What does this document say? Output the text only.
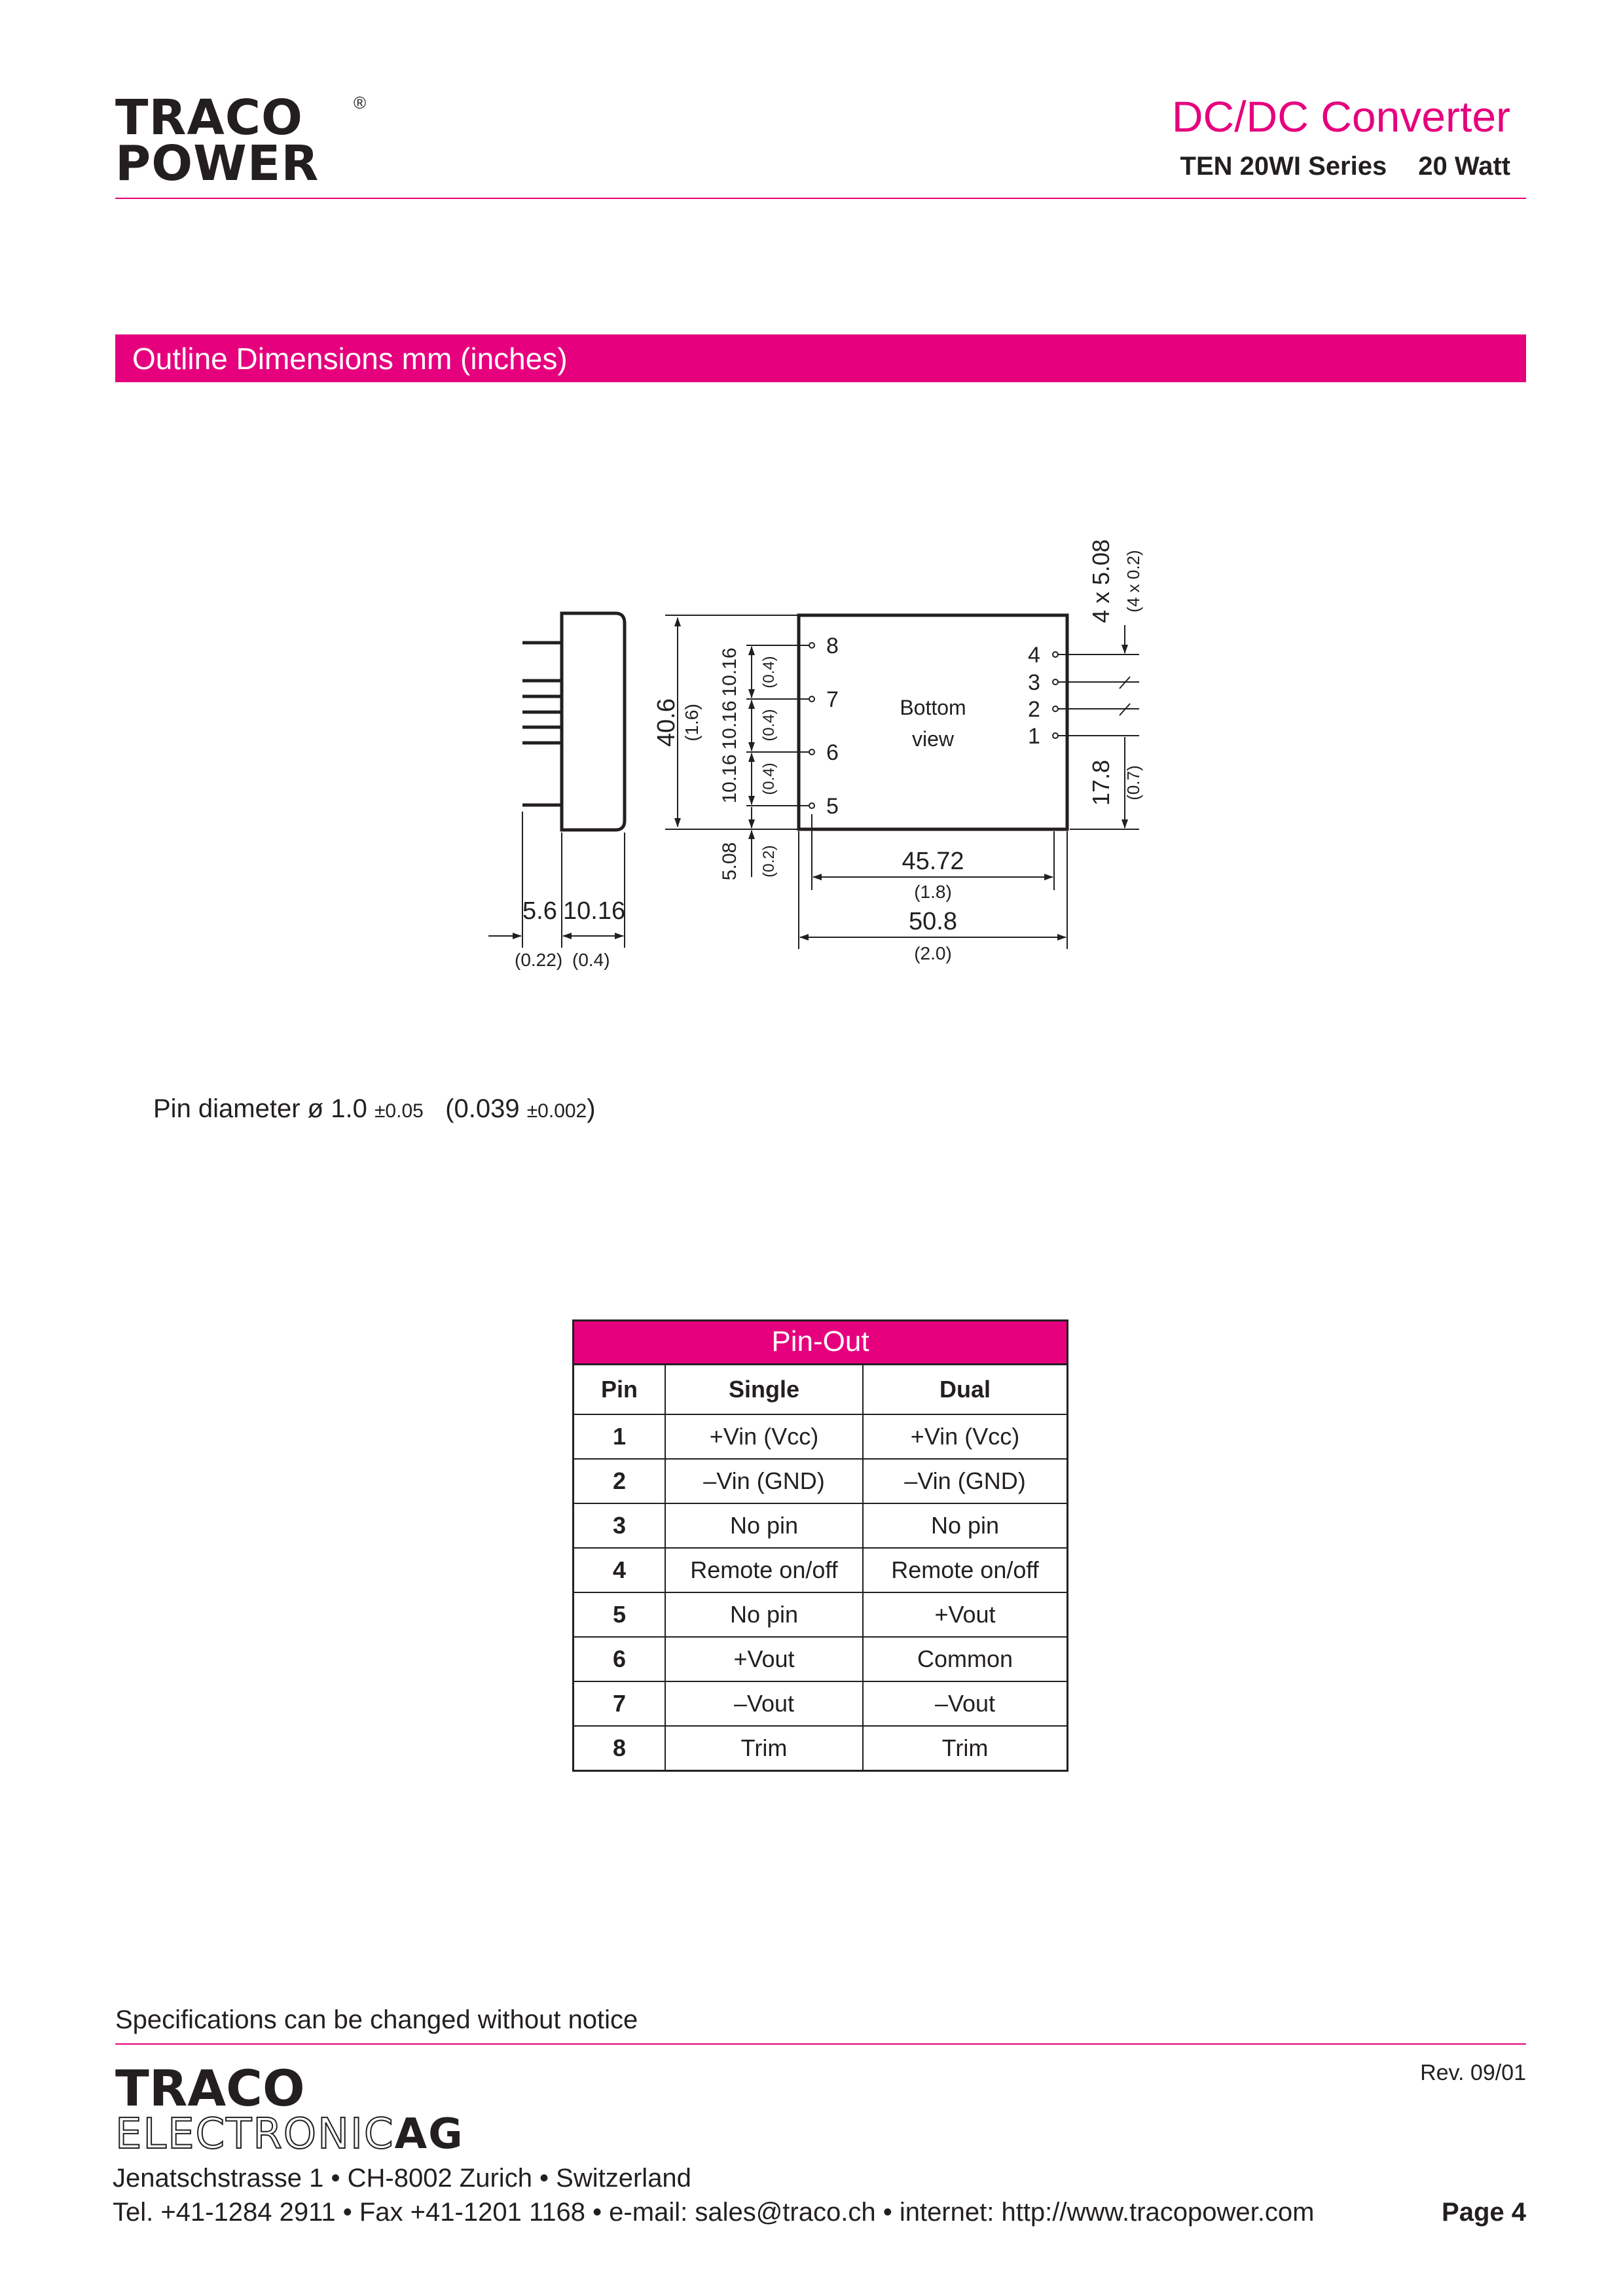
TRACO
POWER
®	DC/DC Converter
TEN 20WI Series 20 Watt
Outline Dimensions mm (inches)
8
7
6
5
4
3
2
1
Bottom
view
5.6 10.16
(0.22) (0.4)
40.6 (1.6)
10.16
10.16
10.16
(0.4)
(0.4)
(0.4)
5.08 (0.2)	45.72
(1.8)
50.8
(2.0)
4 x 5.08 (4 x 0.2)
17.8 (0.7)
Pin diameter ø 1.0 ±0.05 (0.039 ±0.002)
Pin-Out
Pin	Single	Dual
1	+Vin (Vcc)	+Vin (Vcc)
2	–Vin (GND)	–Vin (GND)
3	No pin	No pin
4	Remote on/off	Remote on/off
5	No pin	+Vout
6	+Vout	Common
7	–Vout	–Vout
8	Trim	Trim
Specifications can be changed without notice
Rev. 09/01
TRACO
ELECTRONICAG
Jenatschstrasse 1 • CH-8002 Zurich • Switzerland
Tel. +41-1284 2911 • Fax +41-1201 1168 • e-mail: sales@traco.ch • internet: http://www.tracopower.com	Page 4
